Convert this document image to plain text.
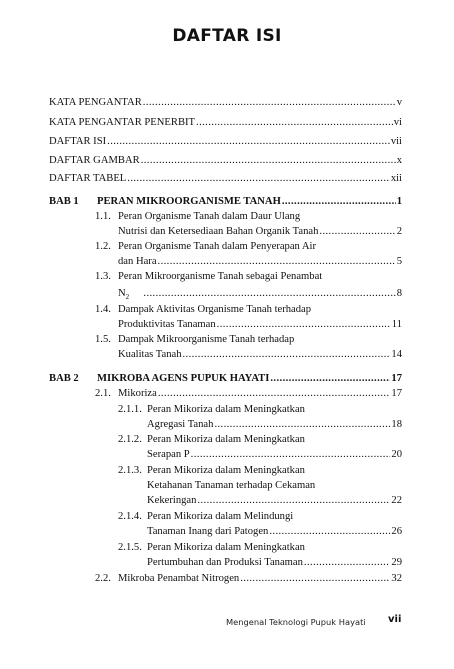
DAFTAR ISI
KATA PENGANTAR .....	v
KATA PENGANTAR PENERBIT .....	vi
DAFTAR ISI .....	vii
DAFTAR GAMBAR .....	x
DAFTAR TABEL .....	xii
BAB 1 PERAN MIKROORGANISME TANAH .....	1
1.1. Peran Organisme Tanah dalam Daur Ulang
Nutrisi dan Ketersediaan Bahan Organik Tanah .....	2
1.2. Peran Organisme Tanah dalam Penyerapan Air
dan Hara .....	5
1.3. Peran Mikroorganisme Tanah sebagai Penambat
$N_2$ .....	8
1.4. Dampak Aktivitas Organisme Tanah terhadap
Produktivitas Tanaman .....	11
1.5. Dampak Mikroorganisme Tanah terhadap
Kualitas Tanah .....	14
BAB 2 MIKROBA AGENS PUPUK HAYATI .....	17
2.1. Mikoriza .....	17
2.1.1. Peran Mikoriza dalam Meningkatkan
Agregasi Tanah .....	18
2.1.2. Peran Mikoriza dalam Meningkatkan
Serapan P .....	20
2.1.3. Peran Mikoriza dalam Meningkatkan
Ketahanan Tanaman terhadap Cekaman
Kekeringan .....	22
2.1.4. Peran Mikoriza dalam Melindungi
Tanaman Inang dari Patogen .....	26
2.1.5. Peran Mikoriza dalam Meningkatkan
Pertumbuhan dan Produksi Tanaman .....	29
2.2. Mikroba Penambat Nitrogen .....	32
Mengenal Teknologi Pupuk Hayati vii
